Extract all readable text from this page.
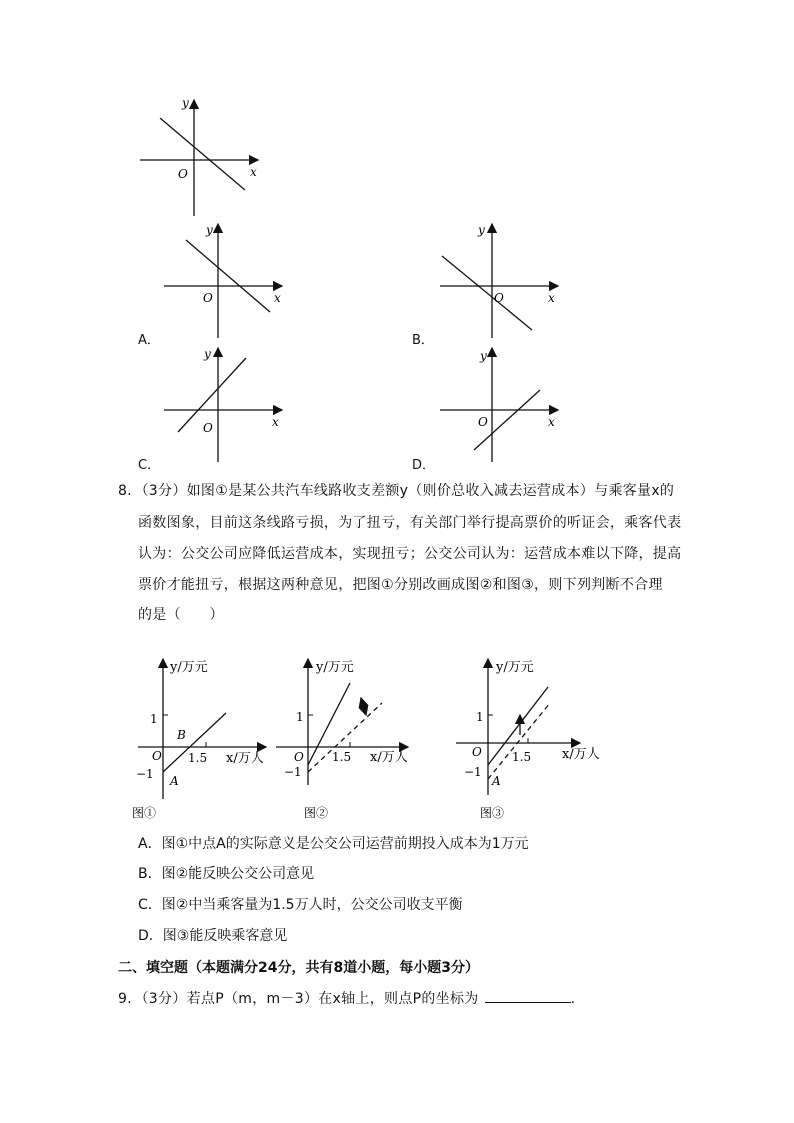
y
x
O
y
x
O
A．
y
x
O
B．
y
x
O
C．
y
x
O
D．
8．（3分）如图①是某公共汽车线路收支差额y（则价总收入减去运营成本）与乘客量x的
函数图象，目前这条线路亏损，为了扭亏，有关部门举行提高票价的听证会，乘客代表
认为：公交公司应降低运营成本，实现扭亏；公交公司认为：运营成本难以下降，提高
票价才能扭亏，根据这两种意见，把图①分别改画成图②和图③，则下列判断不合理
的是（　　）
y/万元
1
B
O 1.5 x/万人
−1 A
图①
y/万元
1
O 1.5 x/万人
−1
图②
y/万元
1
O	1.5 x/万人
−1
A
图③
A．图①中点A的实际意义是公交公司运营前期投入成本为1万元
B．图②能反映公交公司意见
C．图②中当乘客量为1.5万人时，公交公司收支平衡
D．图③能反映乘客意见
二、填空题（本题满分24分，共有8道小题，每小题3分）
9．（3分）若点P（m，m－3）在x轴上，则点P的坐标为	.
